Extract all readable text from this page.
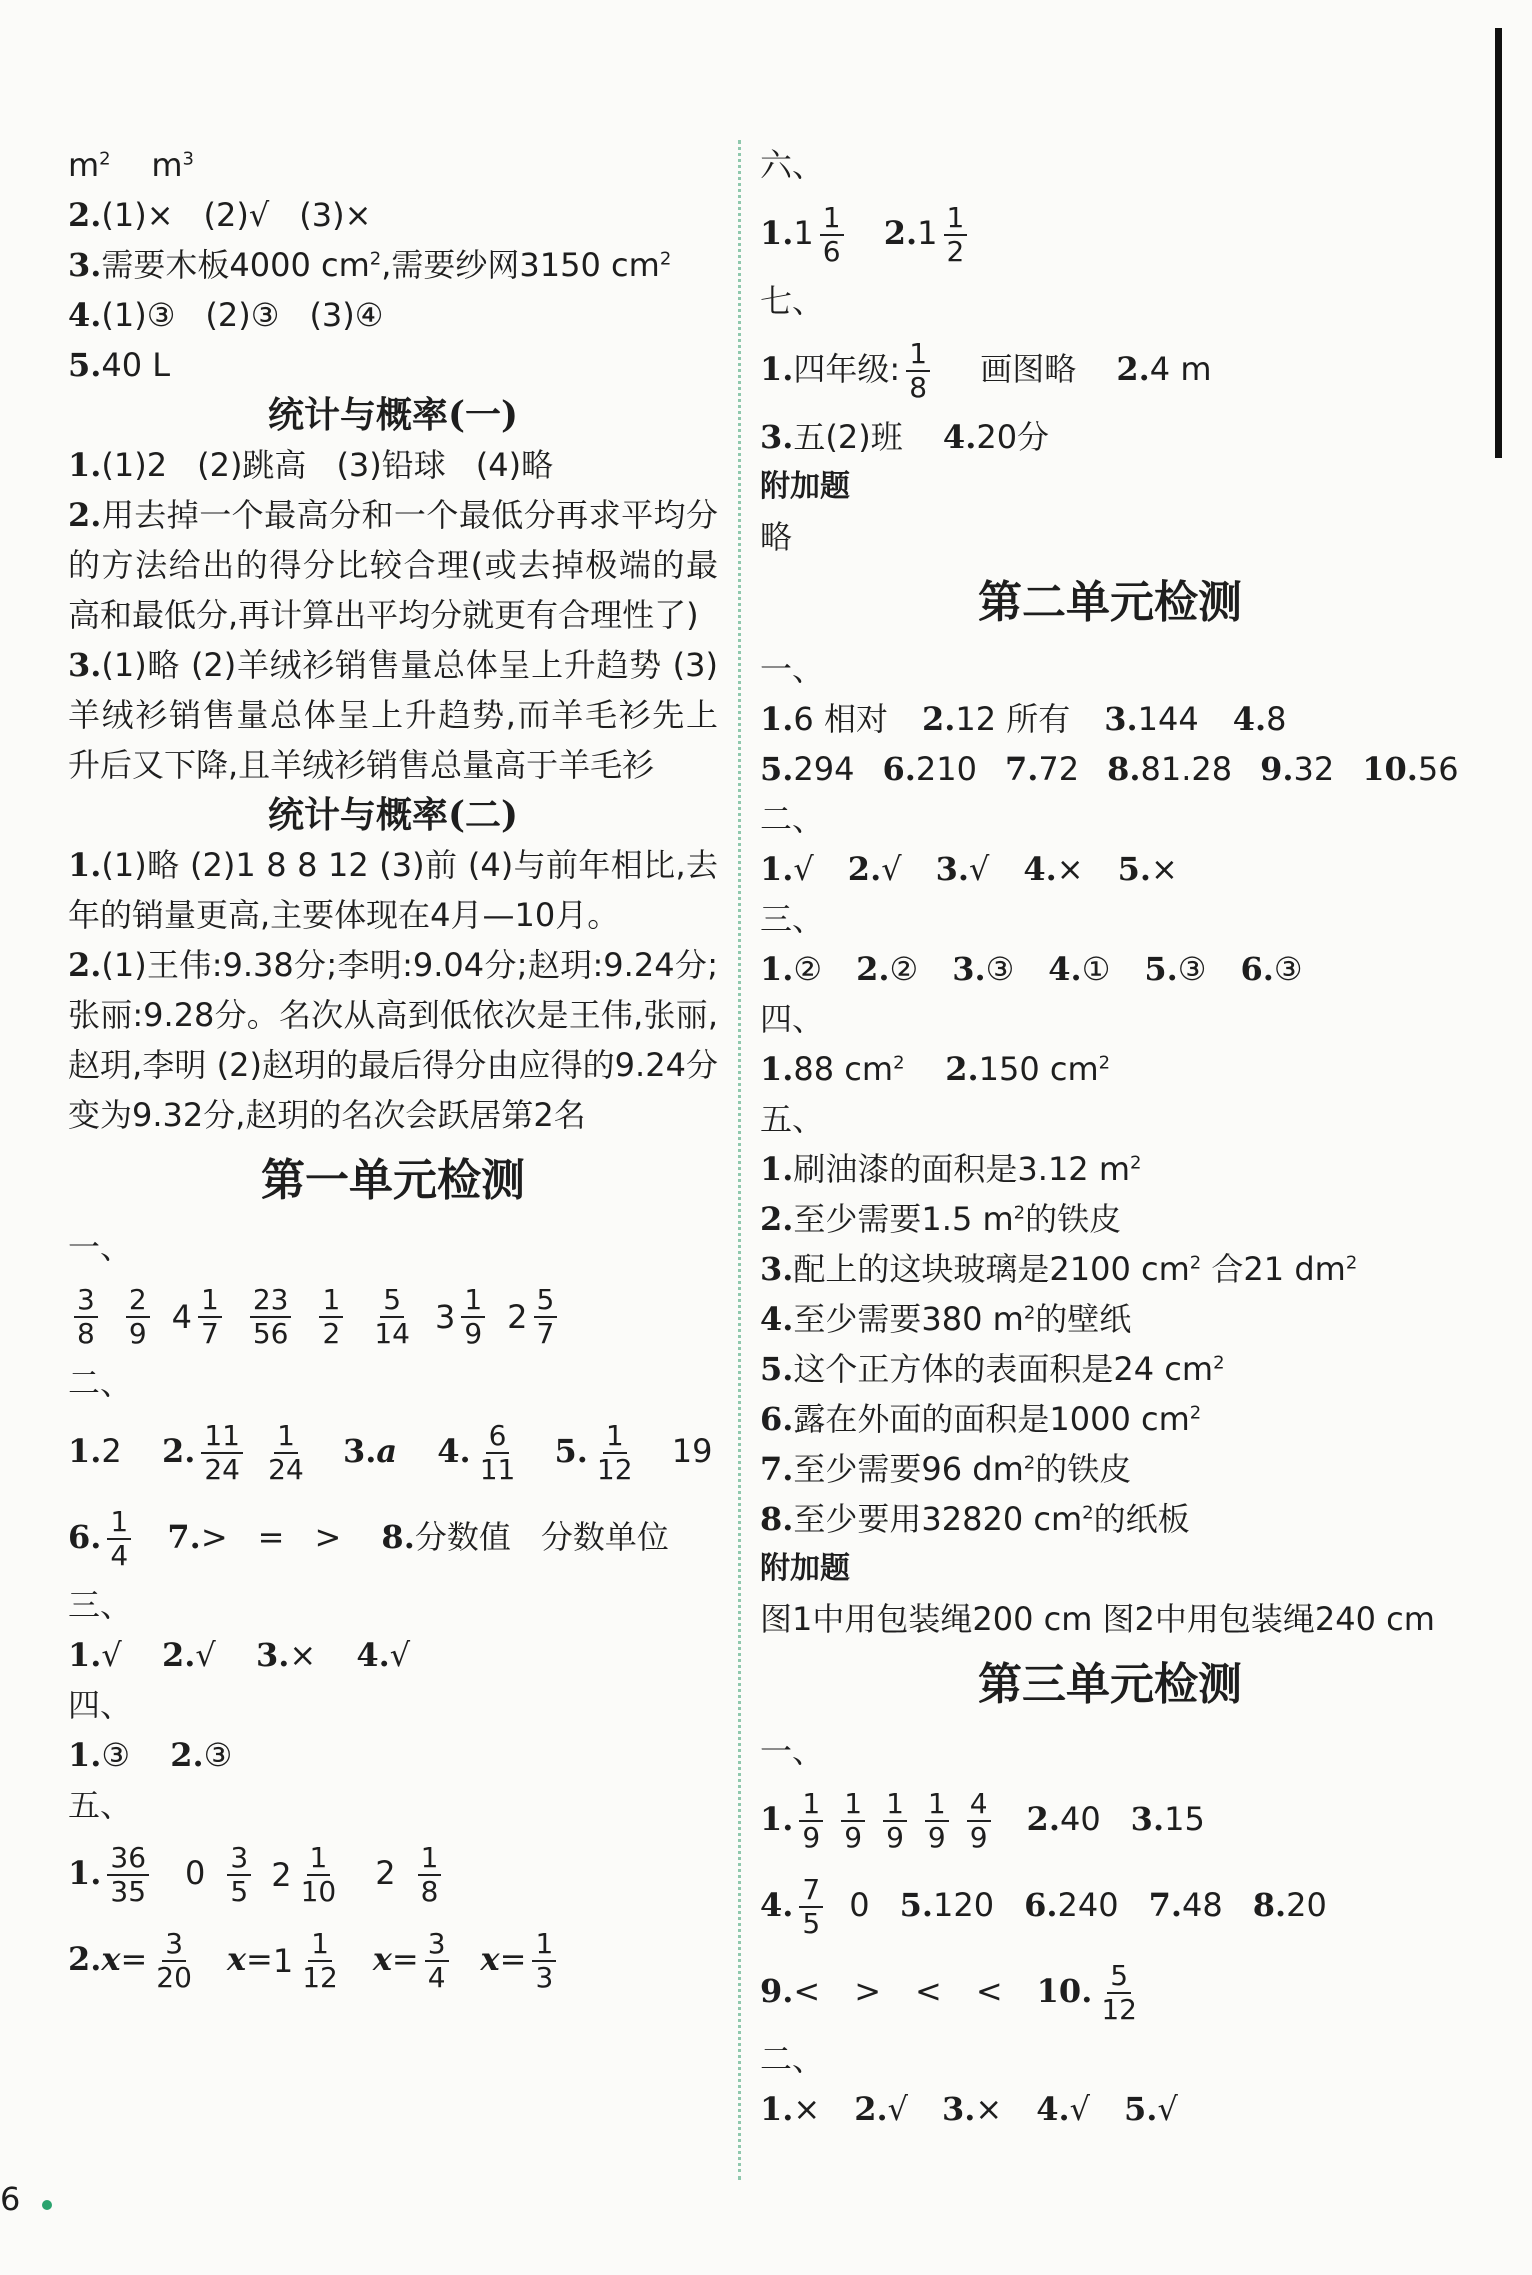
$m^2$ $m^3$
2.(1)× (2)√ (3)×
3.需要木板4000 $cm^2$,需要纱网3150 $cm^2$
4.(1)③ (2)③ (3)④
5.40 L
统计与概率(一)
1.(1)2 (2)跳高 (3)铅球 (4)略
2.用去掉一个最高分和一个最低分再求平均分的方法给出的得分比较合理(或去掉极端的最高和最低分,再计算出平均分就更有合理性了)
3.(1)略 (2)羊绒衫销售量总体呈上升趋势 (3)羊绒衫销售量总体呈上升趋势,而羊毛衫先上升后又下降,且羊绒衫销售总量高于羊毛衫
统计与概率(二)
1.(1)略 (2)1 8 8 12 (3)前 (4)与前年相比,去年的销量更高,主要体现在4月—10月。
2.(1)王伟:9.38分;李明:9.04分;赵玥:9.24分;张丽:9.28分。名次从高到低依次是王伟,张丽,赵玥,李明 (2)赵玥的最后得分由应得的9.24分变为9.32分,赵玥的名次会跃居第2名
第一单元检测
一、
$\frac{3}{8} \frac{2}{9} 4 \frac{1}{7} \frac{23}{56} \frac{1}{2} \frac{5}{14} 3 \frac{1}{9} 2 \frac{5}{7}$
二、
1.2 2. $\frac{11}{24}$
$\frac{1}{24} 3.a$ 4. $\frac{6}{11} 5$. $\frac{1}{12} 19$
6. $\frac{1}{4} 7.>$ = > 8.分数值 分数单位
三、
1.√ 2.√ 3.× 4.√
四、
1.③ 2.③
五、
1. $\frac{36}{35} 0 \frac{3}{5} 2 \frac{1}{10} 2 \frac{1}{8}$
$2.x= \frac{3}{20} x=1 \frac{1}{12} x= \frac{3}{4} x= \frac{1}{3}$
六、
$1.1 \frac{1}{6} 2.1 \frac{1}{2}$
七、
1.四年级: $\frac{1}{8}$ 画图略 2.4 m
3.五(2)班 4.20分
附加题
略
第二单元检测
一、
1.6 相对 2.12 所有 3.144 4.8
5.294 6.210 7.72 8.81.28 9.32 10.56
二、
1.√ 2.√ 3.√ 4.× 5.×
三、
1.② 2.② 3.③ 4.① 5.③ 6.③
四、
1.88 $cm^2$ 2.150 $cm^2$
五、
1.刷油漆的面积是3.12 $m^2$
2.至少需要1.5 $m^2$的铁皮
3.配上的这块玻璃是2100 $cm^2$ 合21 $dm^2$
4.至少需要380 $m^2$的壁纸
5.这个正方体的表面积是24 $cm^2$
6.露在外面的面积是1000 $cm^2$
7.至少需要96 $dm^2$的铁皮
8.至少要用32820 $cm^2$的纸板
附加题
图1中用包装绳200 cm 图2中用包装绳240 cm
第三单元检测
一、
1. $\frac{1}{9} \frac{1}{9} \frac{1}{9} \frac{1}{9} \frac{4}{9} 2.40$ 3.15
4. $\frac{7}{5} 0$ 5.120 6.240 7.48 8.20
9.< > < < 10. $\frac{5}{12}$
二、
1.× 2.√ 3.× 4.√ 5.√
6
